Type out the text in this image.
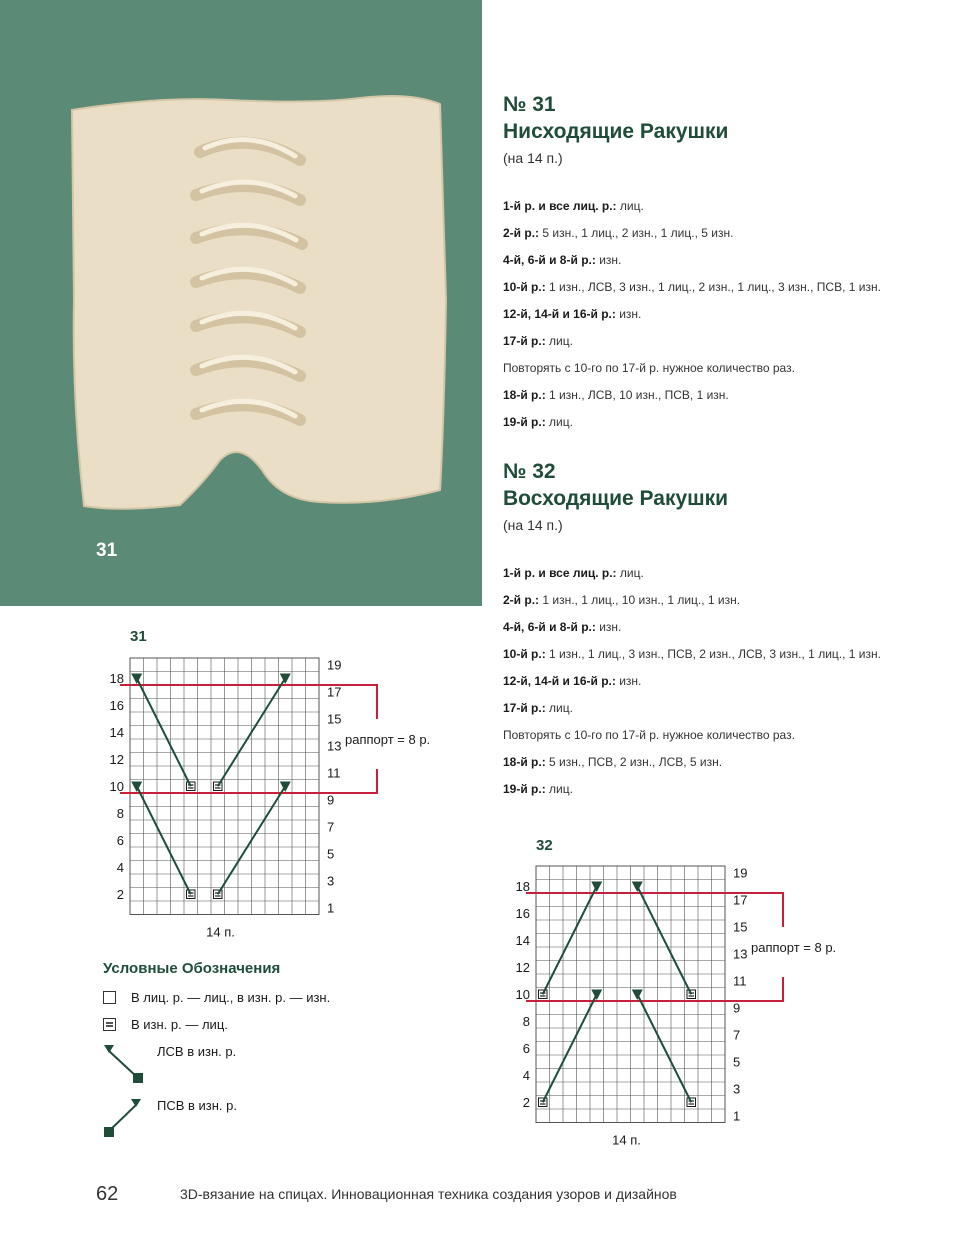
31
№ 31
Нисходящие Ракушки
(на 14 п.)
1-й р. и все лиц. р.: лиц.
2-й р.: 5 изн., 1 лиц., 2 изн., 1 лиц., 5 изн.
4-й, 6-й и 8-й р.: изн.
10-й р.: 1 изн., ЛСВ, 3 изн., 1 лиц., 2 изн., 1 лиц., 3 изн., ПСВ, 1 изн.
12-й, 14-й и 16-й р.: изн.
17-й р.: лиц.
Повторять с 10-го по 17-й р. нужное количество раз.
18-й р.: 1 изн., ЛСВ, 10 изн., ПСВ, 1 изн.
19-й р.: лиц.
№ 32
Восходящие Ракушки
(на 14 п.)
1-й р. и все лиц. р.: лиц.
2-й р.: 1 изн., 1 лиц., 10 изн., 1 лиц., 1 изн.
4-й, 6-й и 8-й р.: изн.
10-й р.: 1 изн., 1 лиц., 3 изн., ПСВ, 2 изн., ЛСВ, 3 изн., 1 лиц., 1 изн.
12-й, 14-й и 16-й р.: изн.
17-й р.: лиц.
Повторять с 10-го по 17-й р. нужное количество раз.
18-й р.: 5 изн., ПСВ, 2 изн., ЛСВ, 5 изн.
19-й р.: лиц.
31
18
16
14
12
10
8
6
4
2
19
17
15
13
11
9
7
5
3
1
14 п.
раппорт = 8 р.
32
18
16
14
12
10
8
6
4
2
19
17
15
13
11
9
7
5
3
1
14 п.
раппорт = 8 р.
Условные Обозначения
В лиц. р. — лиц., в изн. р. — изн.
В изн. р. — лиц.
ЛСВ в изн. р.
ПСВ в изн. р.
62	3D-вязание на спицах. Инновационная техника создания узоров и дизайнов
